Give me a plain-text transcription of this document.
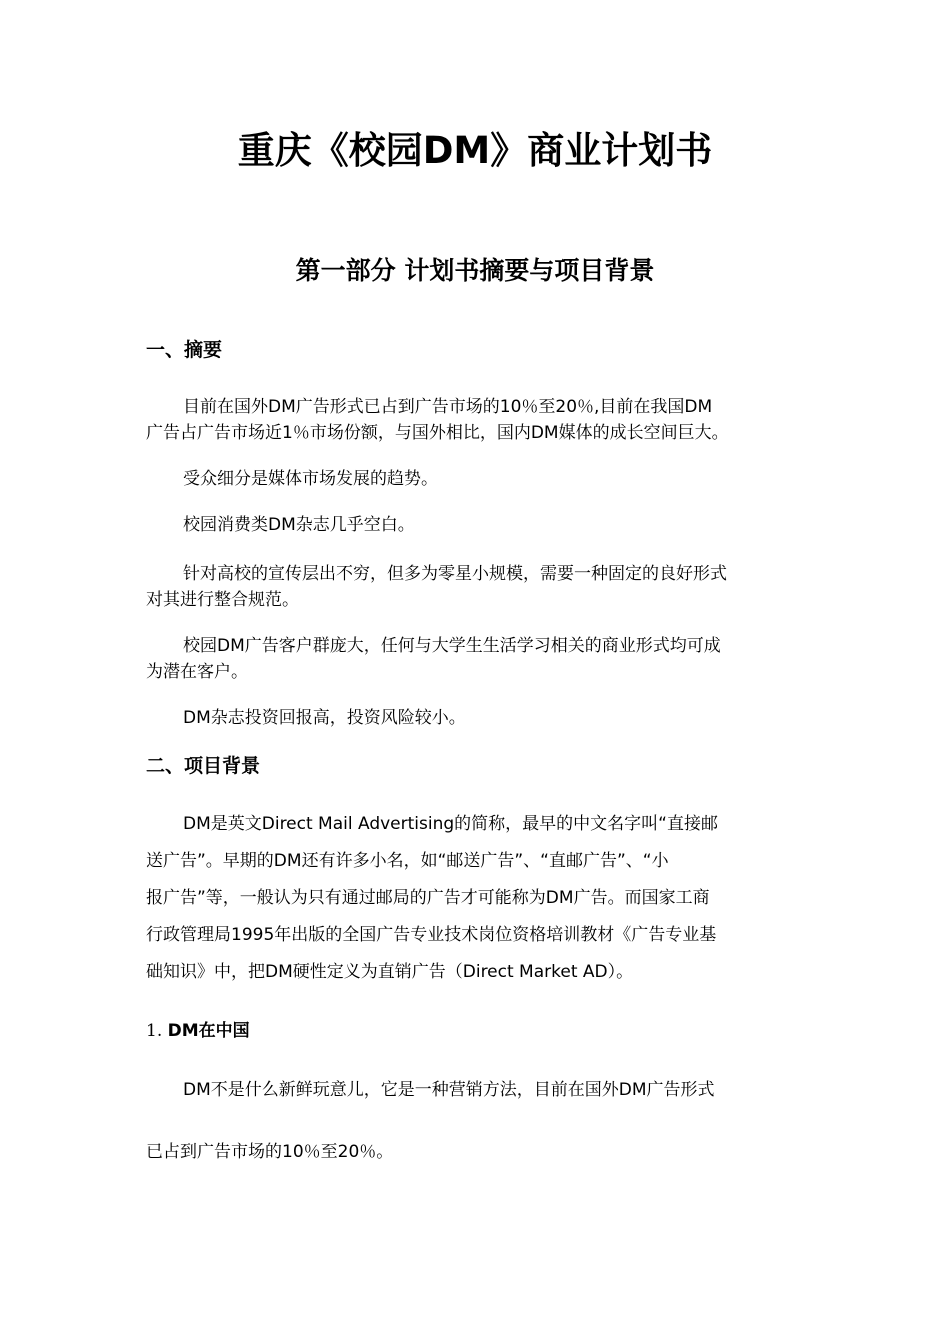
重庆《校园DM》商业计划书
第一部分 计划书摘要与项目背景
一、摘要
目前在国外DM广告形式已占到广告市场的10％至20％,目前在我国DM
广告占广告市场近1％市场份额，与国外相比，国内DM媒体的成长空间巨大。
受众细分是媒体市场发展的趋势。
校园消费类DM杂志几乎空白。
针对高校的宣传层出不穷，但多为零星小规模，需要一种固定的良好形式
对其进行整合规范。
校园DM广告客户群庞大，任何与大学生生活学习相关的商业形式均可成
为潜在客户。
DM杂志投资回报高，投资风险较小。
二、项目背景
DM是英文Direct Mail Advertising的简称，最早的中文名字叫“直接邮
送广告”。早期的DM还有许多小名，如“邮送广告”、“直邮广告”、“小
报广告”等，一般认为只有通过邮局的广告才可能称为DM广告。而国家工商
行政管理局1995年出版的全国广告专业技术岗位资格培训教材《广告专业基
础知识》中，把DM硬性定义为直销广告（Direct Market AD）。
1. DM在中国
DM不是什么新鲜玩意儿，它是一种营销方法，目前在国外DM广告形式
已占到广告市场的10％至20％。
